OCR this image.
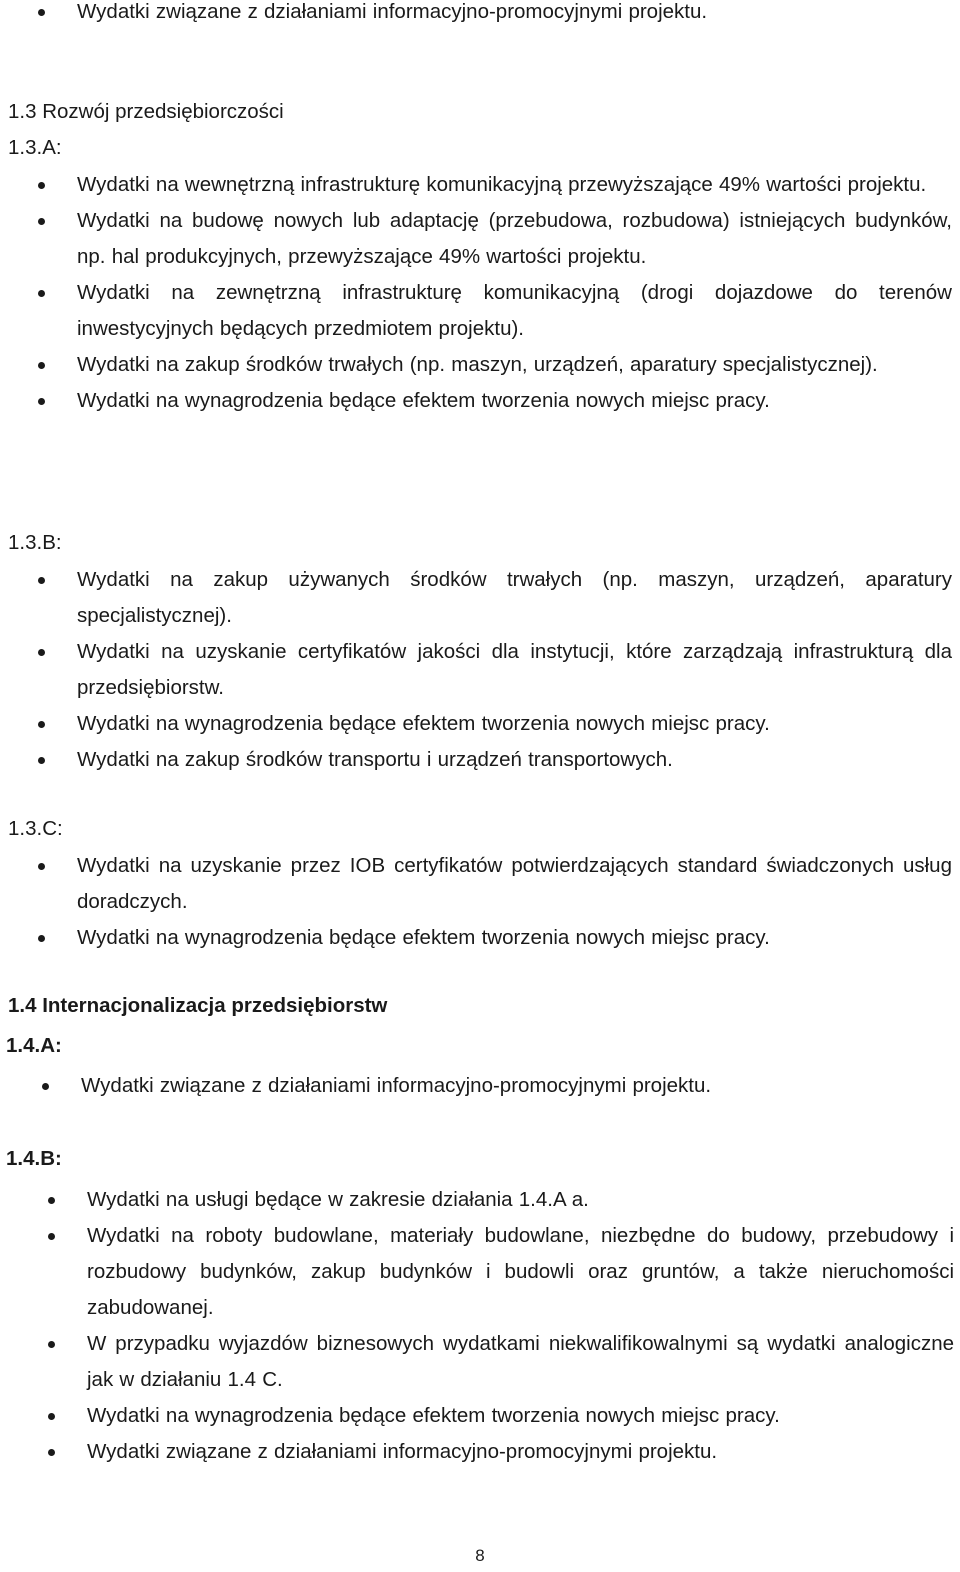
Wydatki związane z działaniami informacyjno-promocyjnymi projektu.
1.3 Rozwój przedsiębiorczości
1.3.A:
Wydatki na wewnętrzną infrastrukturę komunikacyjną przewyższające 49% wartości projektu.
Wydatki na budowę nowych lub adaptację (przebudowa, rozbudowa) istniejących budynków, np. hal produkcyjnych, przewyższające 49% wartości projektu.
Wydatki na zewnętrzną infrastrukturę komunikacyjną (drogi dojazdowe do terenów inwestycyjnych będących przedmiotem projektu).
Wydatki na zakup środków trwałych (np. maszyn, urządzeń, aparatury specjalistycznej).
Wydatki na wynagrodzenia będące efektem tworzenia nowych miejsc pracy.
1.3.B:
Wydatki na zakup używanych środków trwałych (np. maszyn, urządzeń, aparatury specjalistycznej).
Wydatki na uzyskanie certyfikatów jakości dla instytucji, które zarządzają infrastrukturą dla przedsiębiorstw.
Wydatki na wynagrodzenia będące efektem tworzenia nowych miejsc pracy.
Wydatki na zakup środków transportu i urządzeń transportowych.
1.3.C:
Wydatki na uzyskanie przez IOB certyfikatów potwierdzających standard świadczonych usług doradczych.
Wydatki na wynagrodzenia będące efektem tworzenia nowych miejsc pracy.
1.4 Internacjonalizacja przedsiębiorstw
1.4.A:
Wydatki związane z działaniami informacyjno-promocyjnymi projektu.
1.4.B:
Wydatki na usługi będące w zakresie działania 1.4.A a.
Wydatki na roboty budowlane, materiały budowlane, niezbędne do budowy, przebudowy i rozbudowy budynków, zakup budynków i budowli oraz gruntów, a także nieruchomości zabudowanej.
W przypadku wyjazdów biznesowych wydatkami niekwalifikowalnymi są wydatki analogiczne jak w działaniu 1.4 C.
Wydatki na wynagrodzenia będące efektem tworzenia nowych miejsc pracy.
Wydatki związane z działaniami informacyjno-promocyjnymi projektu.
8
